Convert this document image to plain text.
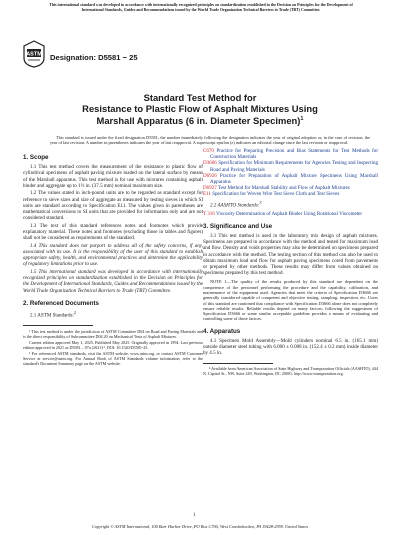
This international standard was developed in accordance with internationally recognized principles on standardization established in the Decision on Principles for the Development of International Standards, Guides and Recommendations issued by the World Trade Organization Technical Barriers to Trade (TBT) Committee.
ASTM Designation: D5581 − 25
Standard Test Method for
Resistance to Plastic Flow of Asphalt Mixtures Using
Marshall Apparatus (6 in. Diameter Specimen)$^1$
This standard is issued under the fixed designation D5581; the number immediately following the designation indicates the year of original adoption or, in the case of revision, the year of last revision. A number in parentheses indicates the year of last reapproval. A superscript epsilon (ε) indicates an editorial change since the last revision or reapproval.
1. Scope

1.1 This test method covers the measurement of the resistance to plastic flow of cylindrical specimens of asphalt paving mixture loaded on the lateral surface by means of the Marshall apparatus. This test method is for use with mixtures containing asphalt binder and aggregate up to 1½ in. (37.5 mm) nominal maximum size.

1.2 The values stated in inch-pound units are to be regarded as standard except for reference to sieve sizes and size of aggregate as measured by testing sieves in which SI units are standard according to Specification E11. The values given in parentheses are mathematical conversions to SI units that are provided for information only and are not considered standard.

1.3 The text of this standard references notes and footnotes which provide explanatory material. These notes and footnotes (excluding those in tables and figures) shall not be considered as requirements of the standard.

1.4 This standard does not purport to address all of the safety concerns, if any, associated with its use. It is the responsibility of the user of this standard to establish appropriate safety, health, and environmental practices and determine the applicability of regulatory limitations prior to use.

1.5 This international standard was developed in accordance with internationally recognized principles on standardization established in the Decision on Principles for the Development of International Standards, Guides and Recommendations issued by the World Trade Organization Technical Barriers to Trade (TBT) Committee.

2. Referenced Documents

2.1 ASTM Standards:$^2$

¹ This test method is under the jurisdiction of ASTM Committee D04 on Road and Paving Materials and is the direct responsibility of Subcommittee D04.20 on Mechanical Tests of Asphalt Mixtures.

Current edition approved May 1, 2025. Published May 2025. Originally approved in 1994. Last previous edition approved in 2021 as D5581 – 07a (2021)ᵋ¹. DOI: 10.1520/D5581-25.

² For referenced ASTM standards, visit the ASTM website, www.astm.org, or contact ASTM Customer Service at service@astm.org. For Annual Book of ASTM Standards volume information, refer to the standard's Document Summary page on the ASTM website.

C670 Practice for Preparing Precision and Bias Statements for Test Methods for Construction Materials

D3666 Specification for Minimum Requirements for Agencies Testing and Inspecting Road and Paving Materials

D6926 Practice for Preparation of Asphalt Mixture Specimens Using Marshall Apparatus

D6927 Test Method for Marshall Stability and Flow of Asphalt Mixtures

E11 Specification for Woven Wire Test Sieve Cloth and Test Sieves

2.2 AASHTO Standards:$^3$

T 316 Viscosity Determination of Asphalt Binder Using Rotational Viscometer

3. Significance and Use

3.1 This test method is used in the laboratory mix design of asphalt mixtures. Specimens are prepared in accordance with the method and tested for maximum load and flow. Density and voids properties may also be determined on specimens prepared in accordance with the method. The testing section of this method can also be used to obtain maximum load and flow for asphalt paving specimens cored from pavements or prepared by other methods. These results may differ from values obtained on specimens prepared by this test method.

NOTE 1—The quality of the results produced by this standard are dependent on the competence of the personnel performing the procedure and the capability, calibration, and maintenance of the equipment used. Agencies that meet the criteria of Specification D3666 are generally considered capable of competent and objective testing, sampling, inspection, etc. Users of this standard are cautioned that compliance with Specification D3666 alone does not completely ensure reliable results. Reliable results depend on many factors; following the suggestions of Specification D3666 or some similar acceptable guideline provides a means of evaluating and controlling some of those factors.

4. Apparatus

4.1 Specimen Mold Assembly—Mold cylinders nominal 6.5 in. (165.1 mm) outside diameter steel tubing with 6.000 ± 0.008 in. (152.4 ± 0.2 mm) inside diameter by 4.5 in.

³ Available from American Association of State Highway and Transportation Officials (AASHTO), 444 N. Capitol St., NW, Suite 249, Washington, DC 20001, http://www.transportation.org.

1
Copyright © ASTM International, 100 Barr Harbor Drive, PO Box C700, West Conshohocken, PA 19428-2959. United States
